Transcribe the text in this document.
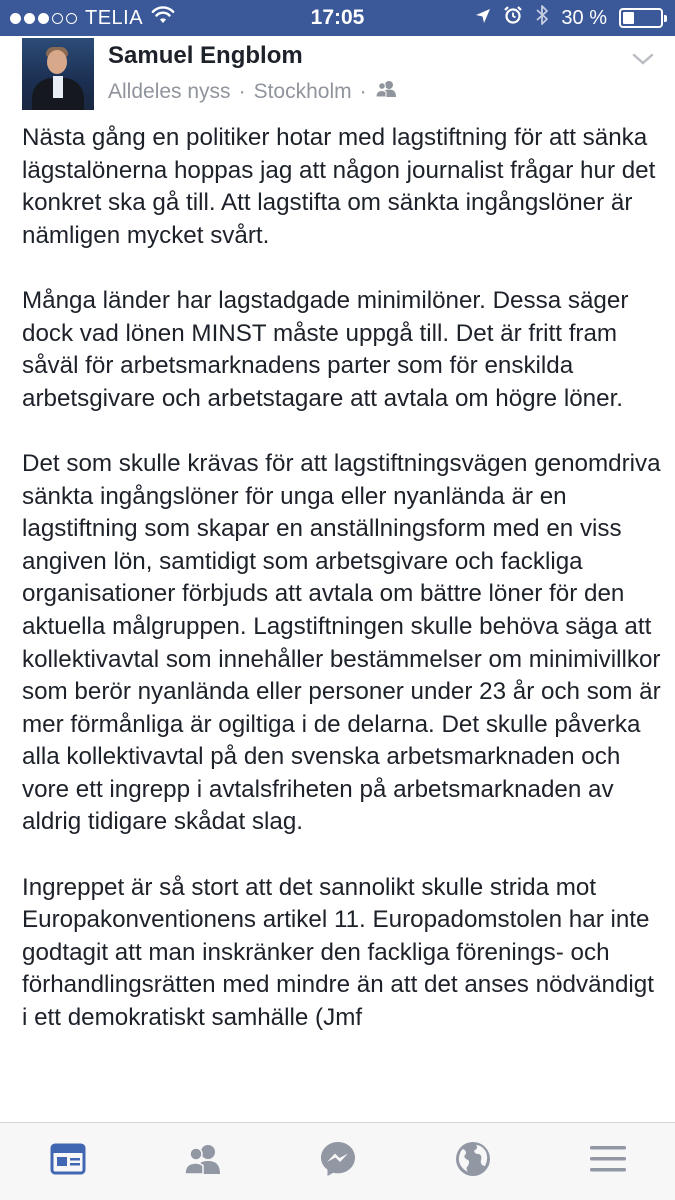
TELIA	17:05	30 %
Samuel Engblom
Alldeles nyss · Stockholm ·

Nästa gång en politiker hotar med lagstiftning för att sänka lägstalönerna hoppas jag att någon journalist frågar hur det konkret ska gå till. Att lagstifta om sänkta ingångslöner är nämligen mycket svårt.

Många länder har lagstadgade minimilöner. Dessa säger dock vad lönen MINST måste uppgå till. Det är fritt fram såväl för arbetsmarknadens parter som för enskilda arbetsgivare och arbetstagare att avtala om högre löner.

Det som skulle krävas för att lagstiftningsvägen genomdriva sänkta ingångslöner för unga eller nyanlända är en lagstiftning som skapar en anställningsform med en viss angiven lön, samtidigt som arbetsgivare och fackliga organisationer förbjuds att avtala om bättre löner för den aktuella målgruppen. Lagstiftningen skulle behöva säga att kollektivavtal som innehåller bestämmelser om minimivillkor som berör nyanlända eller personer under 23 år och som är mer förmånliga är ogiltiga i de delarna. Det skulle påverka alla kollektivavtal på den svenska arbetsmarknaden och vore ett ingrepp i avtalsfriheten på arbetsmarknaden av aldrig tidigare skådat slag.

Ingreppet är så stort att det sannolikt skulle strida mot Europakonventionens artikel 11. Europadomstolen har inte godtagit att man inskränker den fackliga förenings- och förhandlingsrätten med mindre än att det anses nödvändigt i ett demokratiskt samhälle (Jmf
